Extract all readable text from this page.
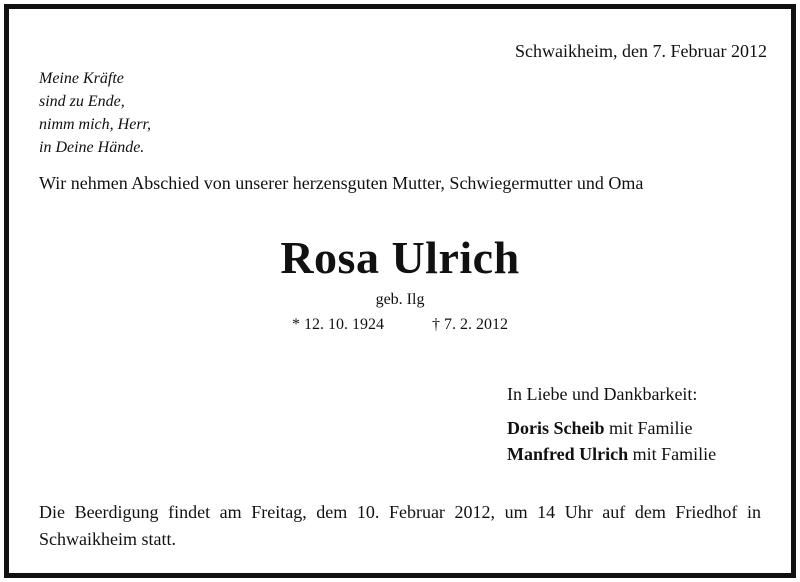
Schwaikheim, den 7. Februar 2012
Meine Kräfte
sind zu Ende,
nimm mich, Herr,
in Deine Hände.
Wir nehmen Abschied von unserer herzensguten Mutter, Schwiegermutter und Oma
Rosa Ulrich
geb. Ilg
* 12. 10. 1924	† 7. 2. 2012
In Liebe und Dankbarkeit:
Doris Scheib mit Familie
Manfred Ulrich mit Familie
Die Beerdigung findet am Freitag, dem 10. Februar 2012, um 14 Uhr auf dem Friedhof in Schwaikheim statt.
